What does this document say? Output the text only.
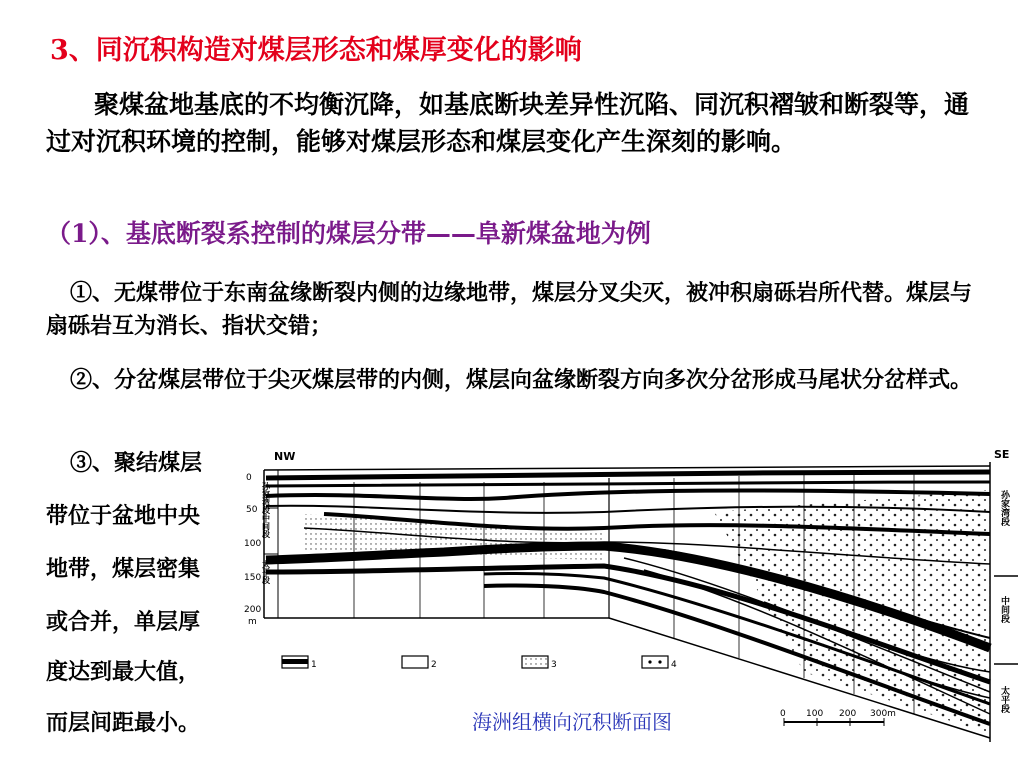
3、同沉积构造对煤层形态和煤厚变化的影响
聚煤盆地基底的不均衡沉降，如基底断块差异性沉陷、同沉积褶皱和断裂等，通过对沉积环境的控制，能够对煤层形态和煤层变化产生深刻的影响。
（1）、基底断裂系控制的煤层分带——阜新煤盆地为例
①、无煤带位于东南盆缘断裂内侧的边缘地带，煤层分叉尖灭，被冲积扇砾岩所代替。煤层与扇砾岩互为消长、指状交错；
②、分岔煤层带位于尖灭煤层带的内侧，煤层向盆缘断裂方向多次分岔形成马尾状分岔样式。
③、聚结煤层
带位于盆地中央
地带，煤层密集
或合并，单层厚
度达到最大值，
而层间距最小。
NW	SE
0
50
100
150
200
m
孙家湾段
中间段
太平段
孙家湾段
中间段
太平段
1	2	3	4
0 100 200 300m
海洲组横向沉积断面图
